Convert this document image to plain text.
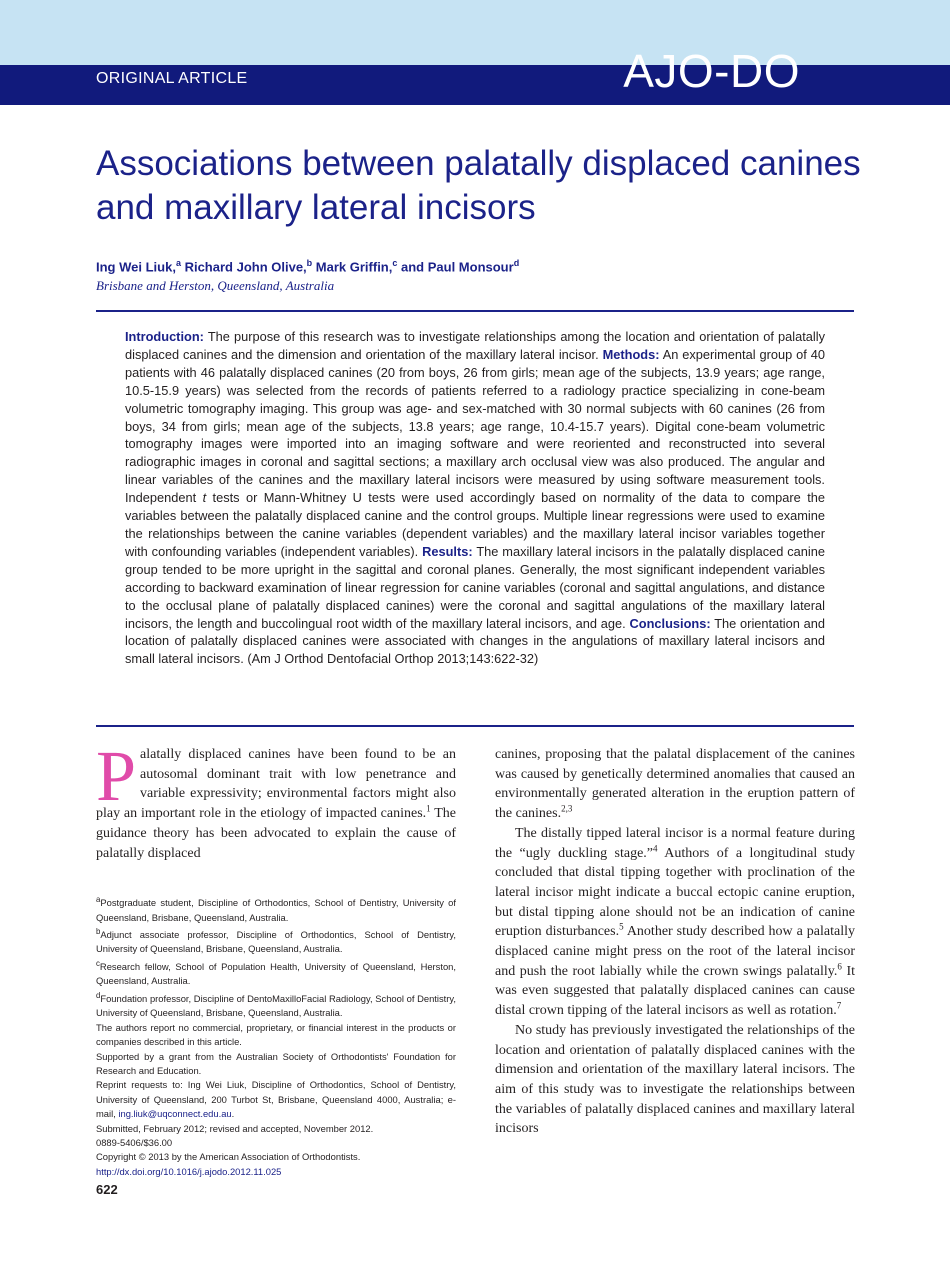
ORIGINAL ARTICLE	AJO-DO
Associations between palatally displaced canines and maxillary lateral incisors
Ing Wei Liuk,$^a$ Richard John Olive,$^b$ Mark Griffin,$^c$ and Paul Monsour$^d$
Brisbane and Herston, Queensland, Australia

Introduction: The purpose of this research was to investigate relationships among the location and orientation of palatally displaced canines and the dimension and orientation of the maxillary lateral incisor. Methods: An experimental group of 40 patients with 46 palatally displaced canines (20 from boys, 26 from girls; mean age of the subjects, 13.9 years; age range, 10.5-15.9 years) was selected from the records of patients referred to a radiology practice specializing in cone-beam volumetric tomography imaging. This group was age- and sex-matched with 30 normal subjects with 60 canines (26 from boys, 34 from girls; mean age of the subjects, 13.8 years; age range, 10.4-15.7 years). Digital cone-beam volumetric tomography images were imported into an imaging software and were reoriented and reconstructed into several radiographic images in coronal and sagittal sections; a maxillary arch occlusal view was also produced. The angular and linear variables of the canines and the maxillary lateral incisors were measured by using software measurement tools. Independent t tests or Mann-Whitney U tests were used accordingly based on normality of the data to compare the variables between the palatally displaced canine and the control groups. Multiple linear regressions were used to examine the relationships between the canine variables (dependent variables) and the maxillary lateral incisor variables together with confounding variables (independent variables). Results: The maxillary lateral incisors in the palatally displaced canine group tended to be more upright in the sagittal and coronal planes. Generally, the most significant independent variables according to backward examination of linear regression for canine variables (coronal and sagittal angulations, and distance to the occlusal plane of palatally displaced canines) were the coronal and sagittal angulations of the maxillary lateral incisors, the length and buccolingual root width of the maxillary lateral incisors, and age. Conclusions: The orientation and location of palatally displaced canines were associated with changes in the angulations of maxillary lateral incisors and small lateral incisors. (Am J Orthod Dentofacial Orthop 2013;143:622-32)

P alatally displaced canines have been found to be an autosomal dominant trait with low penetrance and variable expressivity; environmental factors might also play an important role in the etiology of impacted canines.$^1$ The guidance theory has been advocated to explain the cause of palatally displaced

$^a$Postgraduate student, Discipline of Orthodontics, School of Dentistry, University of Queensland, Brisbane, Queensland, Australia.

$^b$Adjunct associate professor, Discipline of Orthodontics, School of Dentistry, University of Queensland, Brisbane, Queensland, Australia.

$^c$Research fellow, School of Population Health, University of Queensland, Herston, Queensland, Australia.

$^d$Foundation professor, Discipline of DentoMaxilloFacial Radiology, School of Dentistry, University of Queensland, Brisbane, Queensland, Australia.

The authors report no commercial, proprietary, or financial interest in the products or companies described in this article.

Supported by a grant from the Australian Society of Orthodontists' Foundation for Research and Education.

Reprint requests to: Ing Wei Liuk, Discipline of Orthodontics, School of Dentistry, University of Queensland, 200 Turbot St, Brisbane, Queensland 4000, Australia; e-mail, ing.liuk@uqconnect.edu.au.

Submitted, February 2012; revised and accepted, November 2012.

0889-5406/$36.00

Copyright © 2013 by the American Association of Orthodontists.

http://dx.doi.org/10.1016/j.ajodo.2012.11.025

622

canines, proposing that the palatal displacement of the canines was caused by genetically determined anomalies that caused an environmentally generated alteration in the eruption pattern of the canines.$^{2,3}$

The distally tipped lateral incisor is a normal feature during the “ugly duckling stage.”$^4$ Authors of a longitudinal study concluded that distal tipping together with proclination of the lateral incisor might indicate a buccal ectopic canine eruption, but distal tipping alone should not be an indication of canine eruption disturbances.$^5$ Another study described how a palatally displaced canine might press on the root of the lateral incisor and push the root labially while the crown swings palatally.$^6$ It was even suggested that palatally displaced canines can cause distal crown tipping of the lateral incisors as well as rotation.$^7$

No study has previously investigated the relationships of the location and orientation of palatally displaced canines with the dimension and orientation of the maxillary lateral incisors. The aim of this study was to investigate the relationships between the variables of palatally displaced canines and maxillary lateral incisors
